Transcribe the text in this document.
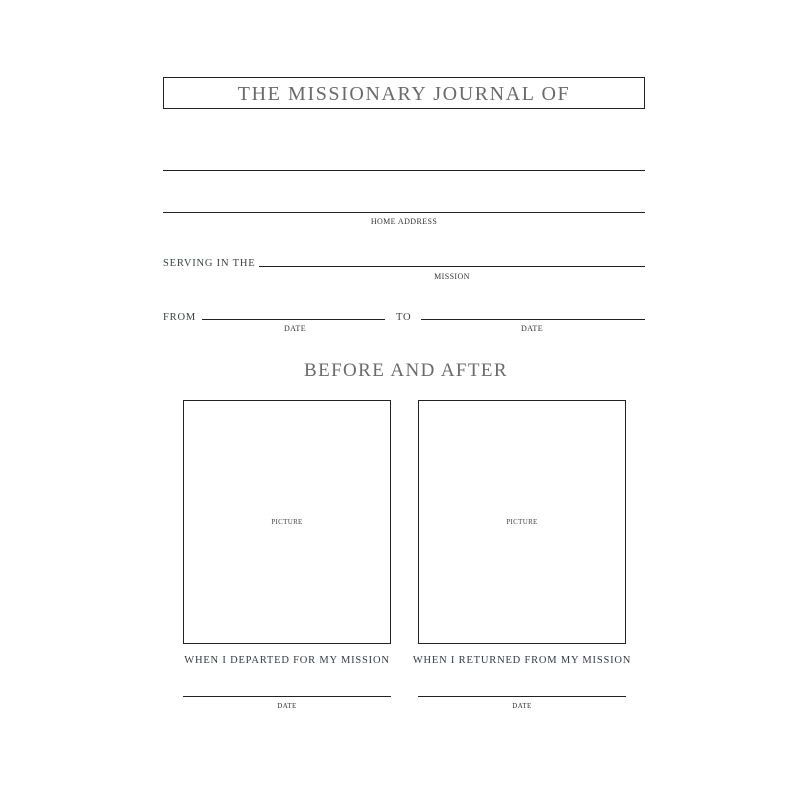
THE MISSIONARY JOURNAL OF
HOME ADDRESS
SERVING IN THE
MISSION
FROM
DATE
TO
DATE
BEFORE AND AFTER
PICTURE
WHEN I DEPARTED FOR MY MISSION
DATE
PICTURE
WHEN I RETURNED FROM MY MISSION
DATE
